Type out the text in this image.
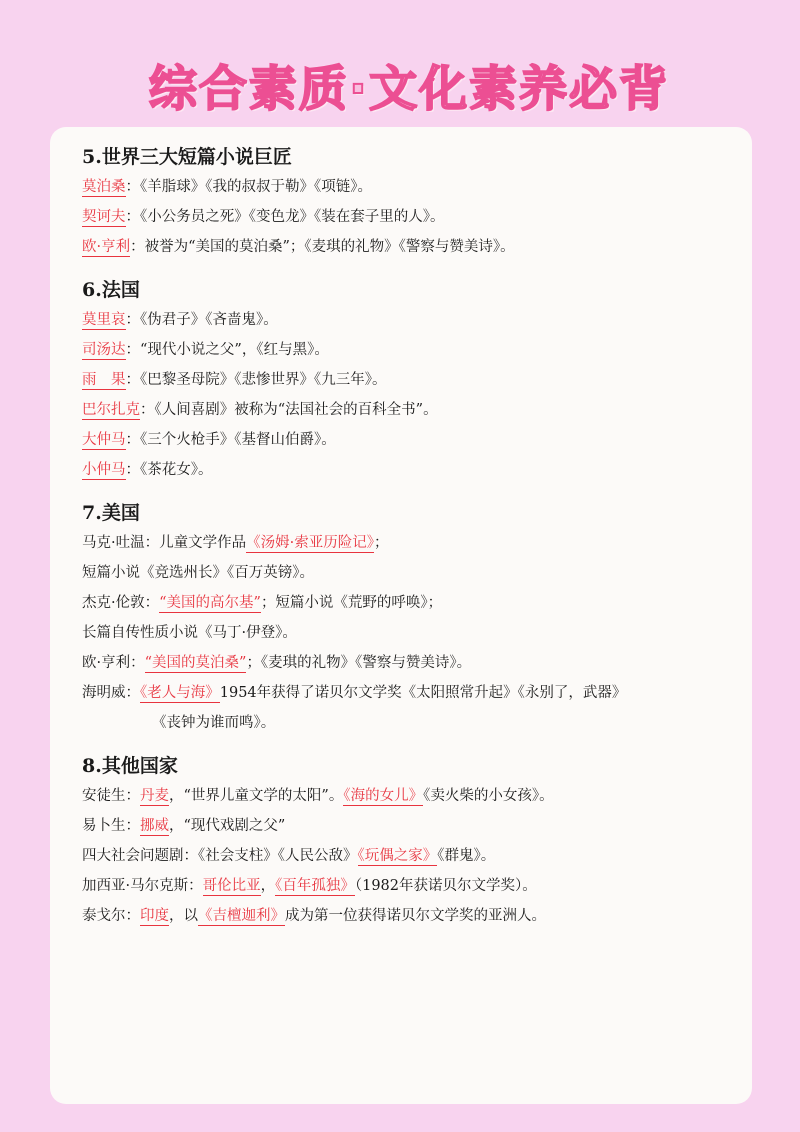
综合素质·文化素养必背
5.世界三大短篇小说巨匠
莫泊桑：《羊脂球》《我的叔叔于勒》《项链》。
契诃夫：《小公务员之死》《变色龙》《装在套子里的人》。
欧·亨利：被誉为“美国的莫泊桑”；《麦琪的礼物》《警察与赞美诗》。
6.法国
莫里哀：《伪君子》《吝啬鬼》。
司汤达：“现代小说之父”，《红与黑》。
雨　果：《巴黎圣母院》《悲惨世界》《九三年》。
巴尔扎克：《人间喜剧》被称为“法国社会的百科全书”。
大仲马：《三个火枪手》《基督山伯爵》。
小仲马：《茶花女》。
7.美国
马克·吐温：儿童文学作品《汤姆·索亚历险记》；
短篇小说《竞选州长》《百万英镑》。
杰克·伦敦：“美国的高尔基”；短篇小说《荒野的呼唤》；
长篇自传性质小说《马丁·伊登》。
欧·亨利：“美国的莫泊桑”；《麦琪的礼物》《警察与赞美诗》。
海明威：《老人与海》1954年获得了诺贝尔文学奖《太阳照常升起》《永别了，武器》
《丧钟为谁而鸣》。
8.其他国家
安徒生：丹麦，“世界儿童文学的太阳”。《海的女儿》《卖火柴的小女孩》。
易卜生：挪威，“现代戏剧之父”
四大社会问题剧：《社会支柱》《人民公敌》《玩偶之家》《群鬼》。
加西亚·马尔克斯：哥伦比亚，《百年孤独》（1982年获诺贝尔文学奖）。
泰戈尔：印度，以《吉檀迦利》成为第一位获得诺贝尔文学奖的亚洲人。
